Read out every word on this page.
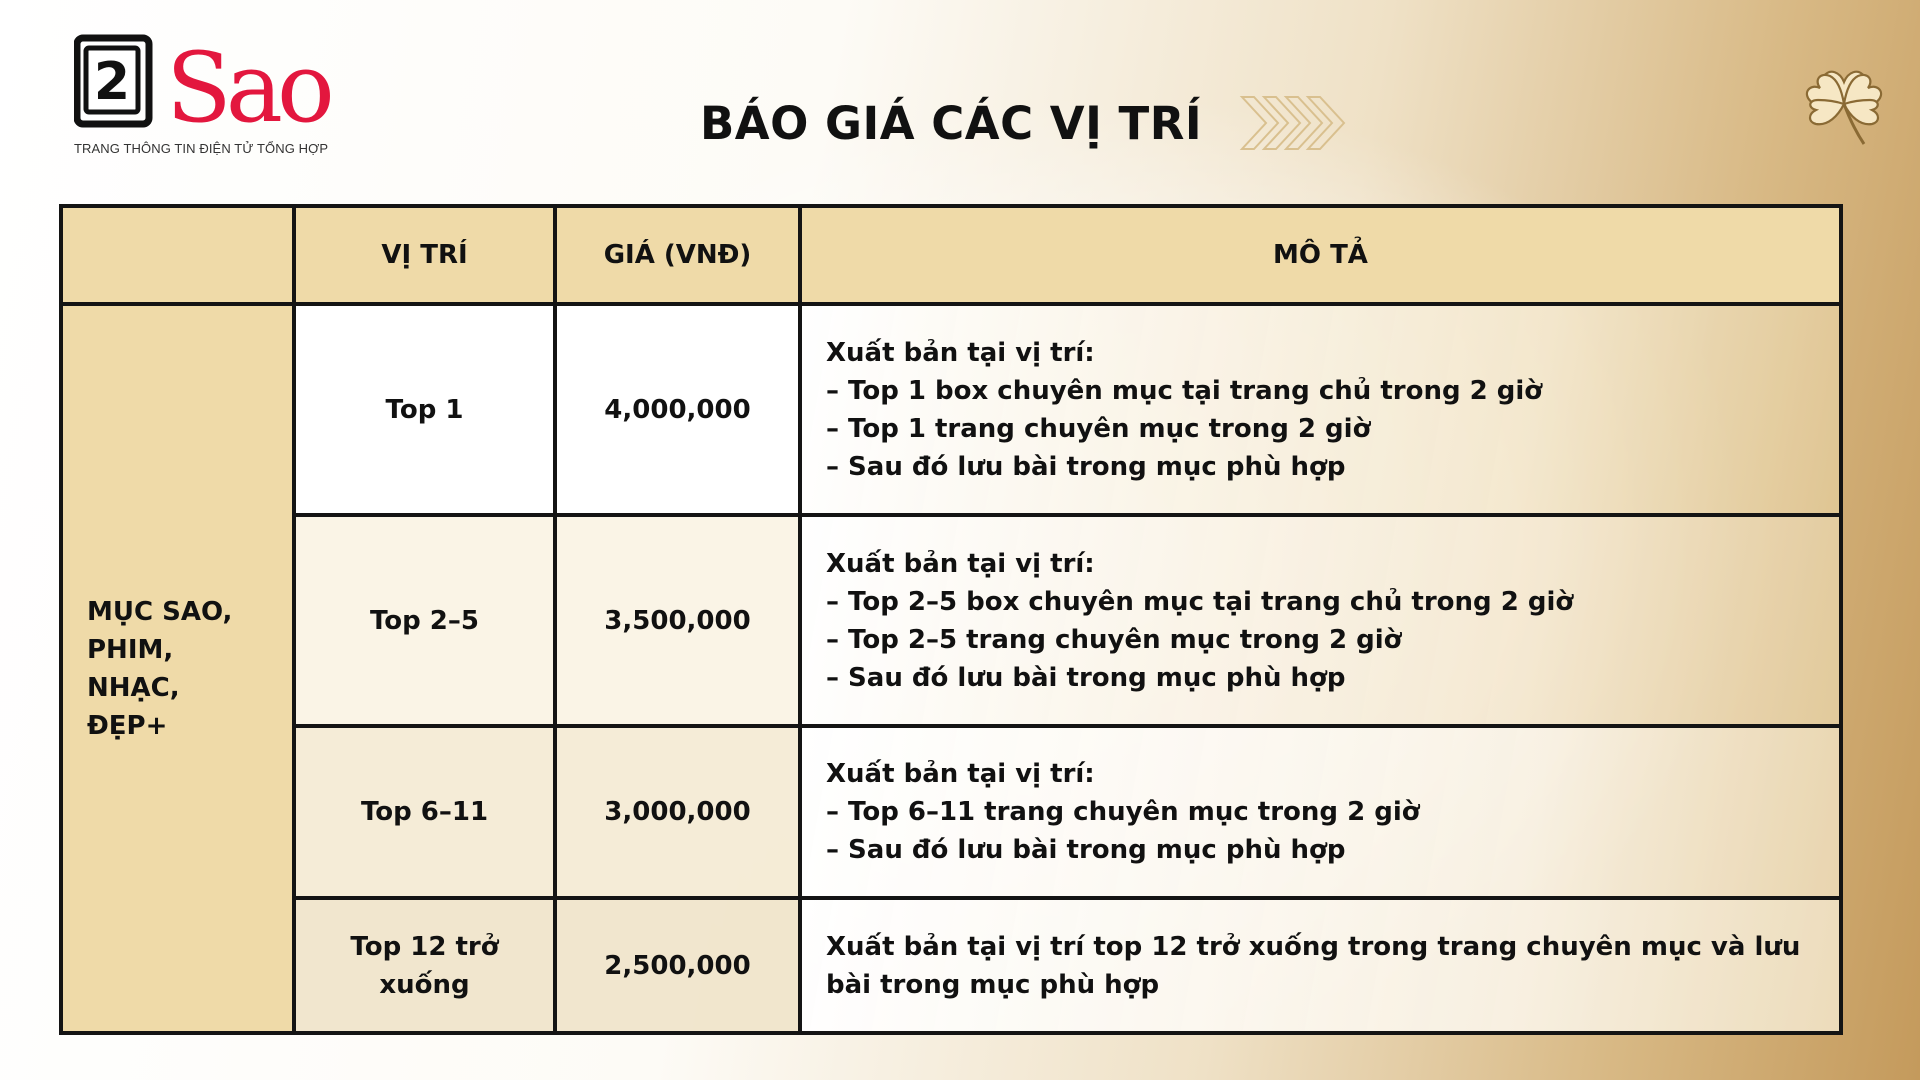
2 Sao
TRANG THÔNG TIN ĐIỆN TỬ TỔNG HỢP	BÁO GIÁ CÁC VỊ TRÍ
	VỊ TRÍ	GIÁ (VNĐ)	MÔ TẢ

MỤC SAO,
PHIM,
NHẠC,
ĐẸP+	Top 1	4,000,000	Xuất bản tại vị trí:
– Top 1 box chuyên mục tại trang chủ trong 2 giờ
– Top 1 trang chuyên mục trong 2 giờ
– Sau đó lưu bài trong mục phù hợp

	Top 2–5	3,500,000	Xuất bản tại vị trí:
– Top 2–5 box chuyên mục tại trang chủ trong 2 giờ
– Top 2–5 trang chuyên mục trong 2 giờ
– Sau đó lưu bài trong mục phù hợp

	Top 6–11	3,000,000	Xuất bản tại vị trí:
– Top 6–11 trang chuyên mục trong 2 giờ
– Sau đó lưu bài trong mục phù hợp

	Top 12 trở
xuống	2,500,000	Xuất bản tại vị trí top 12 trở xuống trong trang chuyên mục và lưu bài trong mục phù hợp
